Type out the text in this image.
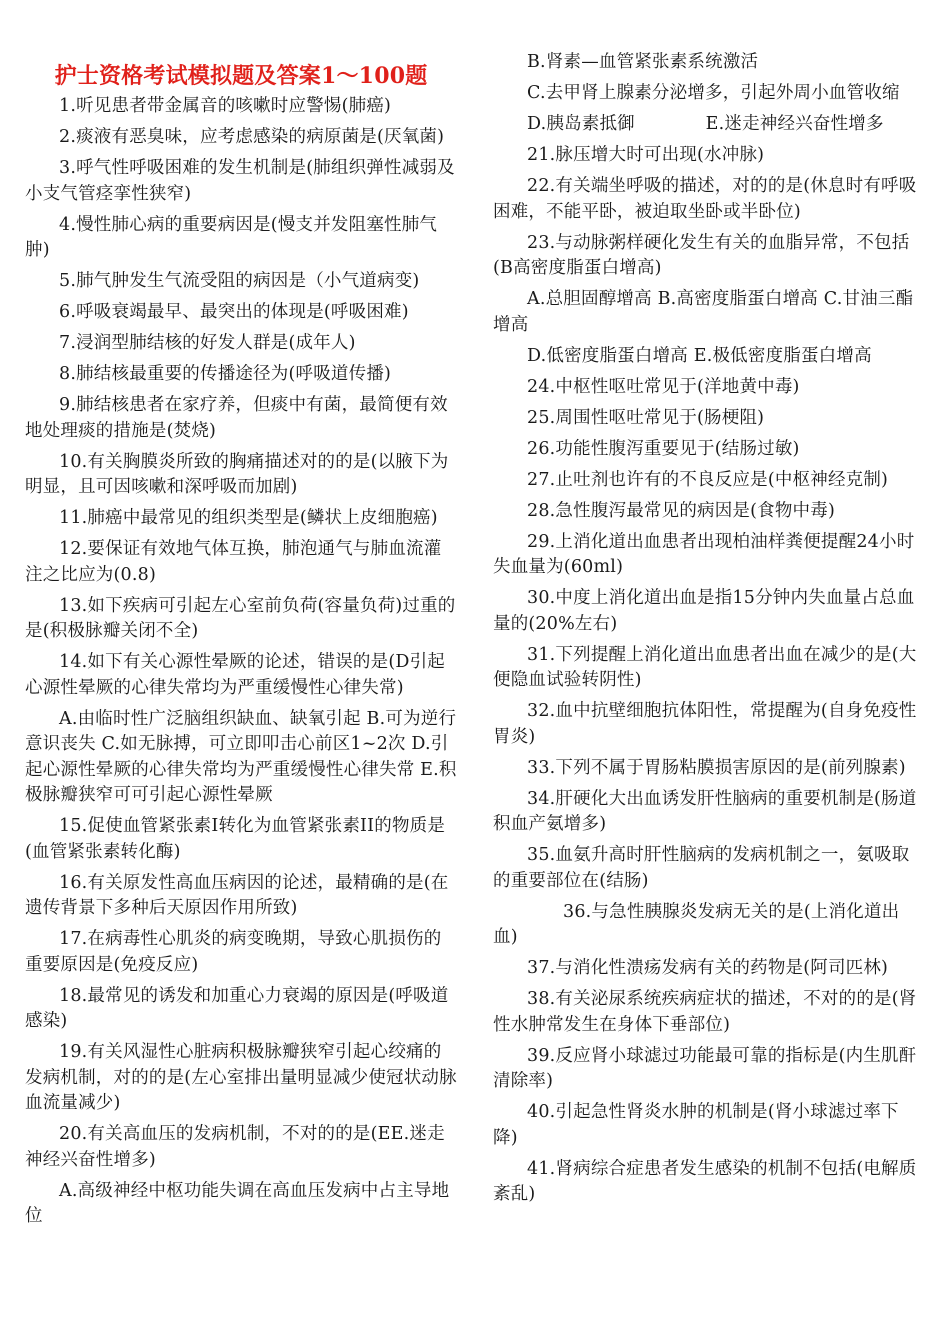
护士资格考试模拟题及答案1～100题
1.听见患者带金属音的咳嗽时应警惕(肺癌)
2.痰液有恶臭味，应考虑感染的病原菌是(厌氧菌)
3.呼气性呼吸困难的发生机制是(肺组织弹性减弱及小支气管痉挛性狭窄)
4.慢性肺心病的重要病因是(慢支并发阻塞性肺气肿)
5.肺气肿发生气流受阻的病因是（小气道病变)
6.呼吸衰竭最早、最突出的体现是(呼吸困难)
7.浸润型肺结核的好发人群是(成年人)
8.肺结核最重要的传播途径为(呼吸道传播)
9.肺结核患者在家疗养，但痰中有菌，最简便有效地处理痰的措施是(焚烧)
10.有关胸膜炎所致的胸痛描述对的的是(以腋下为明显，且可因咳嗽和深呼吸而加剧)
11.肺癌中最常见的组织类型是(鳞状上皮细胞癌)
12.要保证有效地气体互换，肺泡通气与肺血流灌注之比应为(0.8)
13.如下疾病可引起左心室前负荷(容量负荷)过重的是(积极脉瓣关闭不全)
14.如下有关心源性晕厥的论述，错误的是(D引起心源性晕厥的心律失常均为严重缓慢性心律失常)
A.由临时性广泛脑组织缺血、缺氧引起 B.可为逆行意识丧失 C.如无脉搏，可立即叩击心前区1~2次 D.引起心源性晕厥的心律失常均为严重缓慢性心律失常 E.积极脉瓣狭窄可可引起心源性晕厥
15.促使血管紧张素I转化为血管紧张素II的物质是(血管紧张素转化酶)
16.有关原发性高血压病因的论述，最精确的是(在遗传背景下多种后天原因作用所致)
17.在病毒性心肌炎的病变晚期，导致心肌损伤的重要原因是(免疫反应)
18.最常见的诱发和加重心力衰竭的原因是(呼吸道感染)
19.有关风湿性心脏病积极脉瓣狭窄引起心绞痛的发病机制，对的的是(左心室排出量明显减少使冠状动脉血流量减少)
20.有关高血压的发病机制，不对的的是(EE.迷走神经兴奋性增多)
A.高级神经中枢功能失调在高血压发病中占主导地位
B.肾素—血管紧张素系统激活
C.去甲肾上腺素分泌增多，引起外周小血管收缩
D.胰岛素抵御　　　　E.迷走神经兴奋性增多
21.脉压增大时可出现(水冲脉)
22.有关端坐呼吸的描述，对的的是(休息时有呼吸困难，不能平卧，被迫取坐卧或半卧位)
23.与动脉粥样硬化发生有关的血脂异常，不包括(B高密度脂蛋白增高)
A.总胆固醇增高 B.高密度脂蛋白增高 C.甘油三酯增高
D.低密度脂蛋白增高 E.极低密度脂蛋白增高
24.中枢性呕吐常见于(洋地黄中毒)
25.周围性呕吐常见于(肠梗阻)
26.功能性腹泻重要见于(结肠过敏)
27.止吐剂也许有的不良反应是(中枢神经克制)
28.急性腹泻最常见的病因是(食物中毒)
29.上消化道出血患者出现柏油样粪便提醒24小时失血量为(60ml)
30.中度上消化道出血是指15分钟内失血量占总血量的(20%左右)
31.下列提醒上消化道出血患者出血在减少的是(大便隐血试验转阴性)
32.血中抗壁细胞抗体阳性，常提醒为(自身免疫性胃炎)
33.下列不属于胃肠粘膜损害原因的是(前列腺素)
34.肝硬化大出血诱发肝性脑病的重要机制是(肠道积血产氨增多)
35.血氨升高时肝性脑病的发病机制之一，氨吸取的重要部位在(结肠)
36.与急性胰腺炎发病无关的是(上消化道出血)
37.与消化性溃疡发病有关的药物是(阿司匹林)
38.有关泌尿系统疾病症状的描述，不对的的是(肾性水肿常发生在身体下垂部位)
39.反应肾小球滤过功能最可靠的指标是(内生肌酐清除率)
40.引起急性肾炎水肿的机制是(肾小球滤过率下降)
41.肾病综合症患者发生感染的机制不包括(电解质紊乱)
